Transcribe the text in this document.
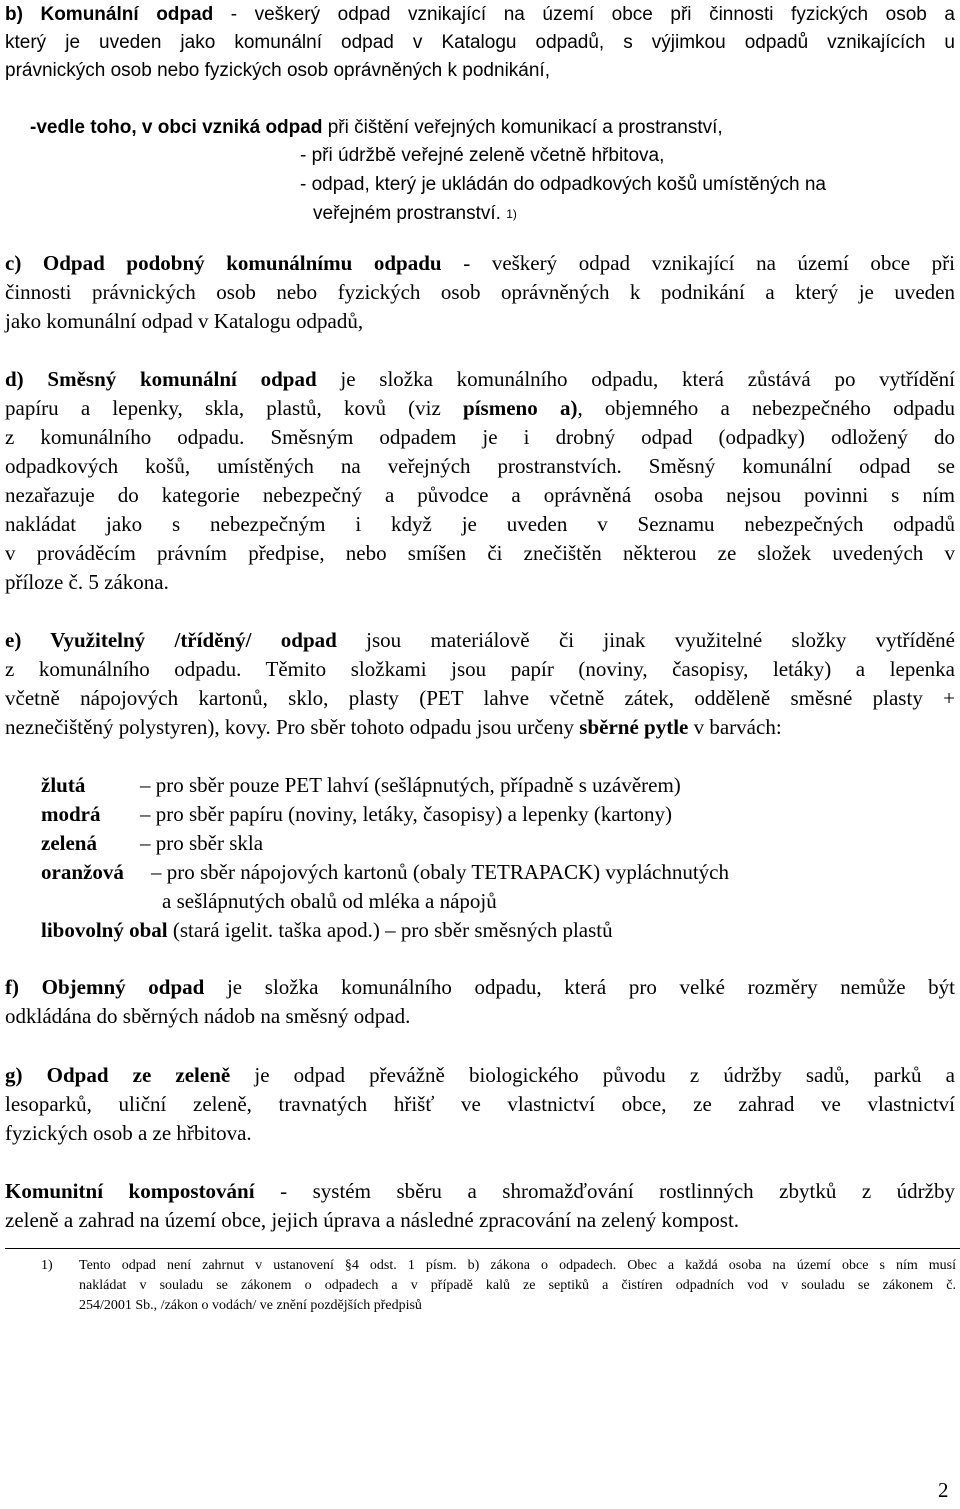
b) Komunální odpad - veškerý odpad vznikající na území obce při činnosti fyzických osob a
který je uveden jako komunální odpad v Katalogu odpadů, s výjimkou odpadů vznikajících u
právnických osob nebo fyzických osob oprávněných k podnikání,
-vedle toho, v obci vzniká odpad při čištění veřejných komunikací a prostranství,
- při údržbě veřejné zeleně včetně hřbitova,
- odpad, který je ukládán do odpadkových košů umístěných na
veřejném prostranství. 1)
c) Odpad podobný komunálnímu odpadu - veškerý odpad vznikající na území obce při
činnosti právnických osob nebo fyzických osob oprávněných k podnikání a který je uveden
jako komunální odpad v Katalogu odpadů,
d) Směsný komunální odpad je složka komunálního odpadu, která zůstává po vytřídění
papíru a lepenky, skla, plastů, kovů (viz písmeno a), objemného a nebezpečného odpadu
z komunálního odpadu. Směsným odpadem je i drobný odpad (odpadky) odložený do
odpadkových košů, umístěných na veřejných prostranstvích. Směsný komunální odpad se
nezařazuje do kategorie nebezpečný a původce a oprávněná osoba nejsou povinni s ním
nakládat jako s nebezpečným i když je uveden v Seznamu nebezpečných odpadů
v prováděcím právním předpise, nebo smíšen či znečištěn některou ze složek uvedených v
příloze č. 5 zákona.
e) Využitelný /tříděný/ odpad jsou materiálově či jinak využitelné složky vytříděné
z komunálního odpadu. Těmito složkami jsou papír (noviny, časopisy, letáky) a lepenka
včetně nápojových kartonů, sklo, plasty (PET lahve včetně zátek, odděleně směsné plasty +
neznečištěný polystyren), kovy. Pro sběr tohoto odpadu jsou určeny sběrné pytle v barvách:
žlutá	– pro sběr pouze PET lahví (sešlápnutých, případně s uzávěrem)
modrá	– pro sběr papíru (noviny, letáky, časopisy) a lepenky (kartony)
zelená	– pro sběr skla
oranžová	– pro sběr nápojových kartonů (obaly TETRAPACK) vypláchnutých
a sešlápnutých obalů od mléka a nápojů
libovolný obal (stará igelit. taška apod.) – pro sběr směsných plastů
f) Objemný odpad je složka komunálního odpadu, která pro velké rozměry nemůže být
odkládána do sběrných nádob na směsný odpad.
g) Odpad ze zeleně je odpad převážně biologického původu z údržby sadů, parků a
lesoparků, uliční zeleně, travnatých hřišť ve vlastnictví obce, ze zahrad ve vlastnictví
fyzických osob a ze hřbitova.
Komunitní kompostování - systém sběru a shromažďování rostlinných zbytků z údržby
zeleně a zahrad na území obce, jejich úprava a následné zpracování na zelený kompost.
1)	Tento odpad není zahrnut v ustanovení §4 odst. 1 písm. b) zákona o odpadech. Obec a každá osoba na území obce s ním musí
nakládat v souladu se zákonem o odpadech a v případě kalů ze septiků a čistíren odpadních vod v souladu se zákonem č.
254/2001 Sb., /zákon o vodách/ ve znění pozdějších předpisů
2
